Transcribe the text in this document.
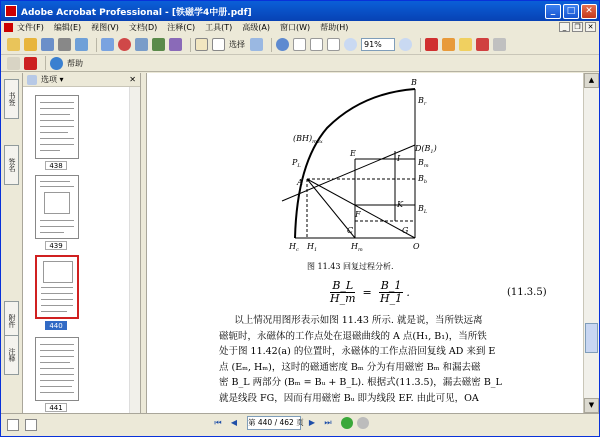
Adobe Acrobat Professional - [铁磁学4中册.pdf]	_	□	✕
文件(F) 编辑(E) 视图(V) 文档(D) 注释(C) 工具(T) 高级(A) 窗口(W) 帮助(H)	_	❐ ✕
选择	91%
帮助
书签
签名
附件
注释
选项 ▾	✕
438
439
440
441
B
$B_r$
$(BH)_{max}$
$D(B_1)$
E
I $B_m$
$B_b$
$P_L$
A
F
K $B_L$
C	G
O
$H_c$ $H_1$	$H_m$
图 11.43 回复过程分析.
$\frac{B\_L}{H\_m} = \frac{B\_1}{H\_1}$ .	(11.3.5)
以上情况用图形表示如图 11.43 所示. 就是说，当所铁远离
磁轭时，永磁体的工作点处在退磁曲线的 A 点(H₁, B₁)，当所铁
处于图 11.42(a) 的位置时，永磁体的工作点沿回复线 AD 来到 E
点 (Eₘ, Hₘ)，这时的磁通密度 Bₘ 分为有用磁密 Bₘ 和漏去磁
密 B_L 两部分 (Bₘ = Bᵤ + B_L). 根据式(11.3.5)，漏去磁密 B_L
就是线段 FG，因而有用磁密 Bᵤ 即为线段 EF. 由此可见，OA
▲
▼
⏮	◀	第 440 / 462 页 ▶	⏭
